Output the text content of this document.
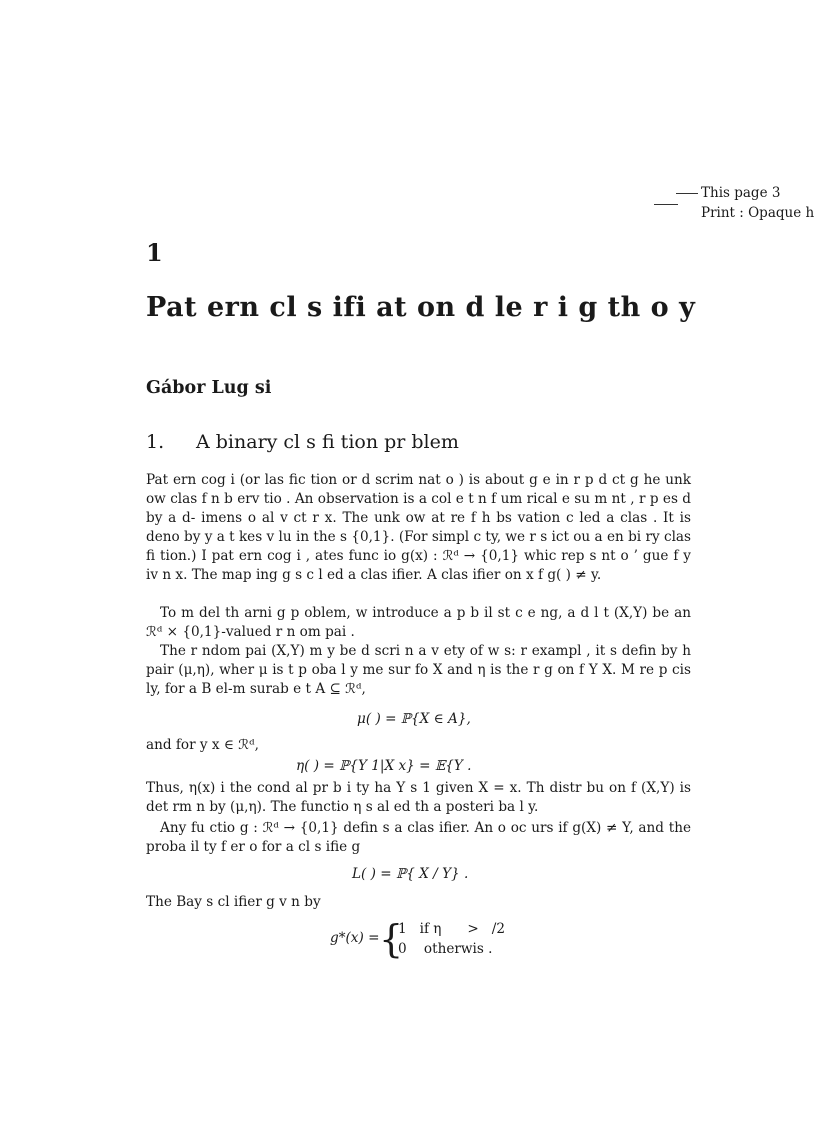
This page 3
Print : Opaque h
1
Pat ern cl s ifi at on d le r i g th o y
Gábor Lug si
1. A binary cl s fi tion pr blem
Pat ern cog i (or las fic tion or d scrim nat o ) is about g e in r p d ct g he unk ow clas f n b erv tio . An observation is a col e t n f um rical e su m nt , r p es d by a d- imens o al v ct r x. The unk ow at re f h bs vation c led a clas . It is deno by y a t kes v lu in the s {0,1}. (For simpl c ty, we r s ict ou a en bi ry clas fi tion.) I pat ern cog i , ates func io g(x) : ℛᵈ → {0,1} whic rep s nt o ’ gue f y iv n x. The map ing g s c l ed a clas ifier. A clas ifier on x f g( ) ≠ y.
To m del th arni g p oblem, w introduce a p b il st c e ng, a d l t (X,Y) be an ℛᵈ × {0,1}-valued r n om pai .
The r ndom pai (X,Y) m y be d scri n a v ety of w s: r exampl , it s defin by h pair (μ,η), wher μ is t p oba l y me sur fo X and η is the r g on f Y X. M re p cis ly, for a B el-m surab e t A ⊆ ℛᵈ,
μ( ) = ℙ{X ∈ A},
and for y x ∈ ℛᵈ,
η( ) = ℙ{Y 1|X x} = 𝔼{Y .
Thus, η(x) i the cond al pr b i ty ha Y s 1 given X = x. Th distr bu on f (X,Y) is det rm n by (μ,η). The functio η s al ed th a posteri ba l y.
Any fu ctio g : ℛᵈ → {0,1} defin s a clas ifier. An o oc urs if g(X) ≠ Y, and the proba il ty f er o for a cl s ifie g
L( ) = ℙ{ X / Y} .
The Bay s cl ifier g v n by
g*(x) = {
1   if η      >   /2
0    otherwis .
